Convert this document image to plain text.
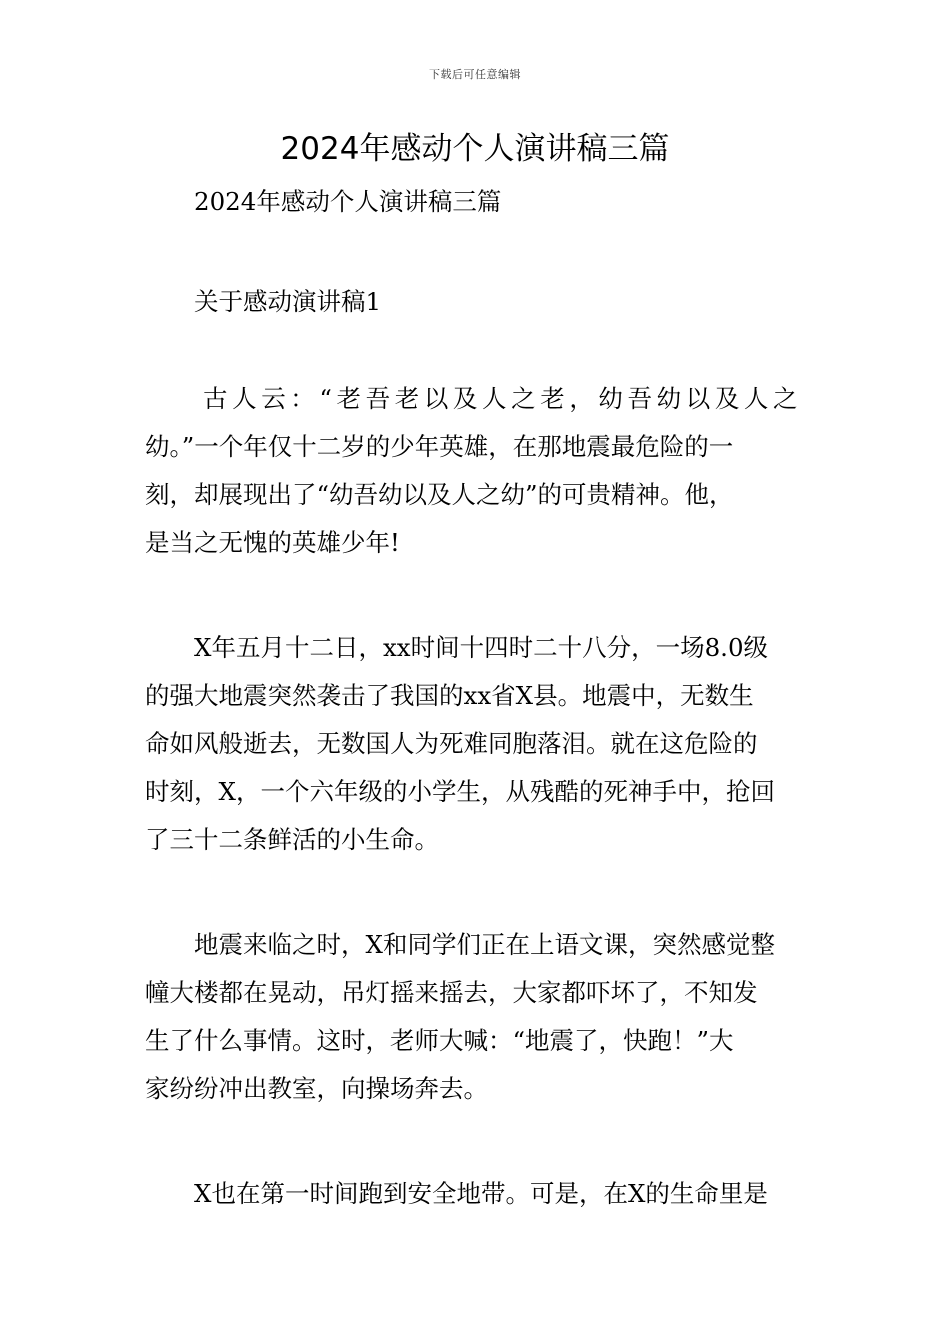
下载后可任意编辑
2024年感动个人演讲稿三篇
2024年感动个人演讲稿三篇
关于感动演讲稿1
古人云：“老吾老以及人之老，幼吾幼以及人之
幼。”一个年仅十二岁的少年英雄，在那地震最危险的一
刻，却展现出了“幼吾幼以及人之幼”的可贵精神。他，
是当之无愧的英雄少年!
X年五月十二日，xx时间十四时二十八分，一场8.0级
的强大地震突然袭击了我国的xx省X县。地震中，无数生
命如风般逝去，无数国人为死难同胞落泪。就在这危险的
时刻，X，一个六年级的小学生，从残酷的死神手中，抢回
了三十二条鲜活的小生命。
地震来临之时，X和同学们正在上语文课，突然感觉整
幢大楼都在晃动，吊灯摇来摇去，大家都吓坏了，不知发
生了什么事情。这时，老师大喊：“地震了，快跑！”大
家纷纷冲出教室，向操场奔去。
X也在第一时间跑到安全地带。可是，在X的生命里是
